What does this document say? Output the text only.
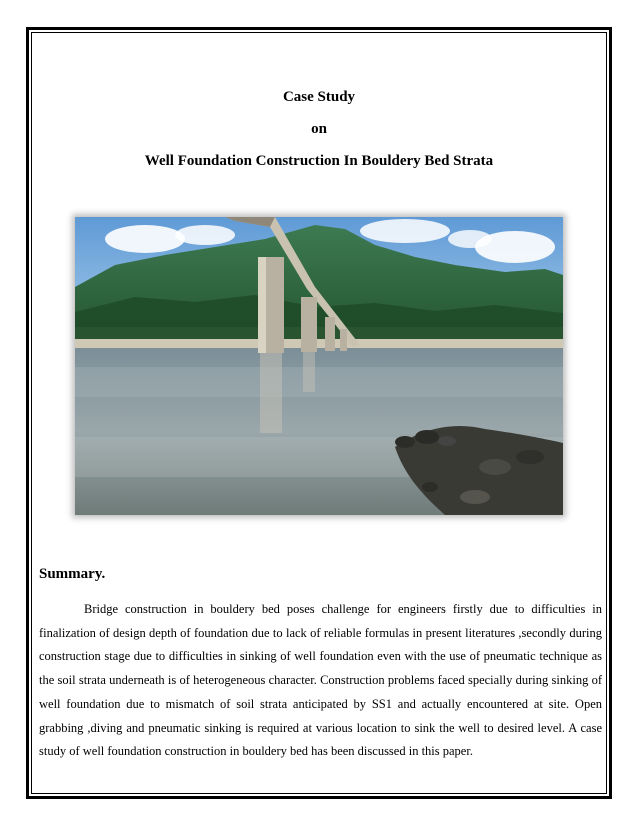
Case Study
on
Well Foundation Construction In Bouldery Bed Strata
Summary.

Bridge construction in bouldery bed poses challenge for engineers firstly due to difficulties in finalization of design depth of foundation due to lack of reliable formulas in present literatures ,secondly during construction stage due to difficulties in sinking of well foundation even with the use of pneumatic technique as the soil strata underneath is of heterogeneous character. Construction problems faced specially during sinking of well foundation due to mismatch of soil strata anticipated by SS1 and actually encountered at site. Open grabbing ,diving and pneumatic sinking is required at various location to sink the well to desired level. A case study of well foundation construction in bouldery bed has been discussed in this paper.
